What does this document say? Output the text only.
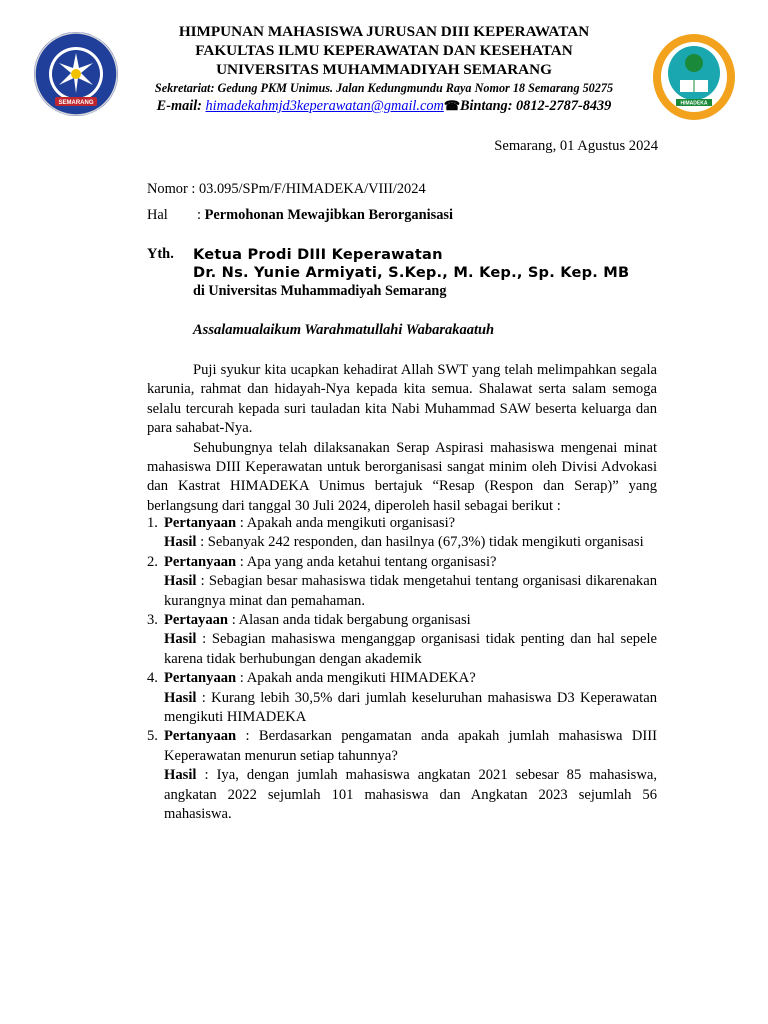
SEMARANG	HIMADEKA
HIMPUNAN MAHASISWA JURUSAN DIII KEPERAWATAN
FAKULTAS ILMU KEPERAWATAN DAN KESEHATAN
UNIVERSITAS MUHAMMADIYAH SEMARANG
Sekretariat: Gedung PKM Unimus. Jalan Kedungmundu Raya Nomor 18 Semarang 50275
E-mail: himadekahmjd3keperawatan@gmail.com☎Bintang: 0812-2787-8439
Semarang, 01 Agustus 2024
Nomor : 03.095/SPm/F/HIMADEKA/VIII/2024
Hal : Permohonan Mewajibkan Berorganisasi
Yth. Ketua Prodi DIII Keperawatan
Dr. Ns. Yunie Armiyati, S.Kep., M. Kep., Sp. Kep. MB
di Universitas Muhammadiyah Semarang
Assalamualaikum Warahmatullahi Wabarakaatuh

Puji syukur kita ucapkan kehadirat Allah SWT yang telah melimpahkan segala karunia, rahmat dan hidayah-Nya kepada kita semua. Shalawat serta salam semoga selalu tercurah kepada suri tauladan kita Nabi Muhammad SAW beserta keluarga dan para sahabat-Nya.

Sehubungnya telah dilaksanakan Serap Aspirasi mahasiswa mengenai minat mahasiswa DIII Keperawatan untuk berorganisasi sangat minim oleh Divisi Advokasi dan Kastrat HIMADEKA Unimus bertajuk “Resap (Respon dan Serap)” yang berlangsung dari tanggal 30 Juli 2024, diperoleh hasil sebagai berikut :

1. Pertanyaan : Apakah anda mengikuti organisasi?
Hasil : Sebanyak 242 responden, dan hasilnya (67,3%) tidak mengikuti organisasi
2. Pertanyaan : Apa yang anda ketahui tentang organisasi?
Hasil : Sebagian besar mahasiswa tidak mengetahui tentang organisasi dikarenakan kurangnya minat dan pemahaman.
3. Pertayaan : Alasan anda tidak bergabung organisasi
Hasil : Sebagian mahasiswa menganggap organisasi tidak penting dan hal sepele karena tidak berhubungan dengan akademik
4. Pertanyaan : Apakah anda mengikuti HIMADEKA?
Hasil : Kurang lebih 30,5% dari jumlah keseluruhan mahasiswa D3 Keperawatan mengikuti HIMADEKA
5. Pertanyaan : Berdasarkan pengamatan anda apakah jumlah mahasiswa DIII Keperawatan menurun setiap tahunnya?
Hasil : Iya, dengan jumlah mahasiswa angkatan 2021 sebesar 85 mahasiswa, angkatan 2022 sejumlah 101 mahasiswa dan Angkatan 2023 sejumlah 56 mahasiswa.
